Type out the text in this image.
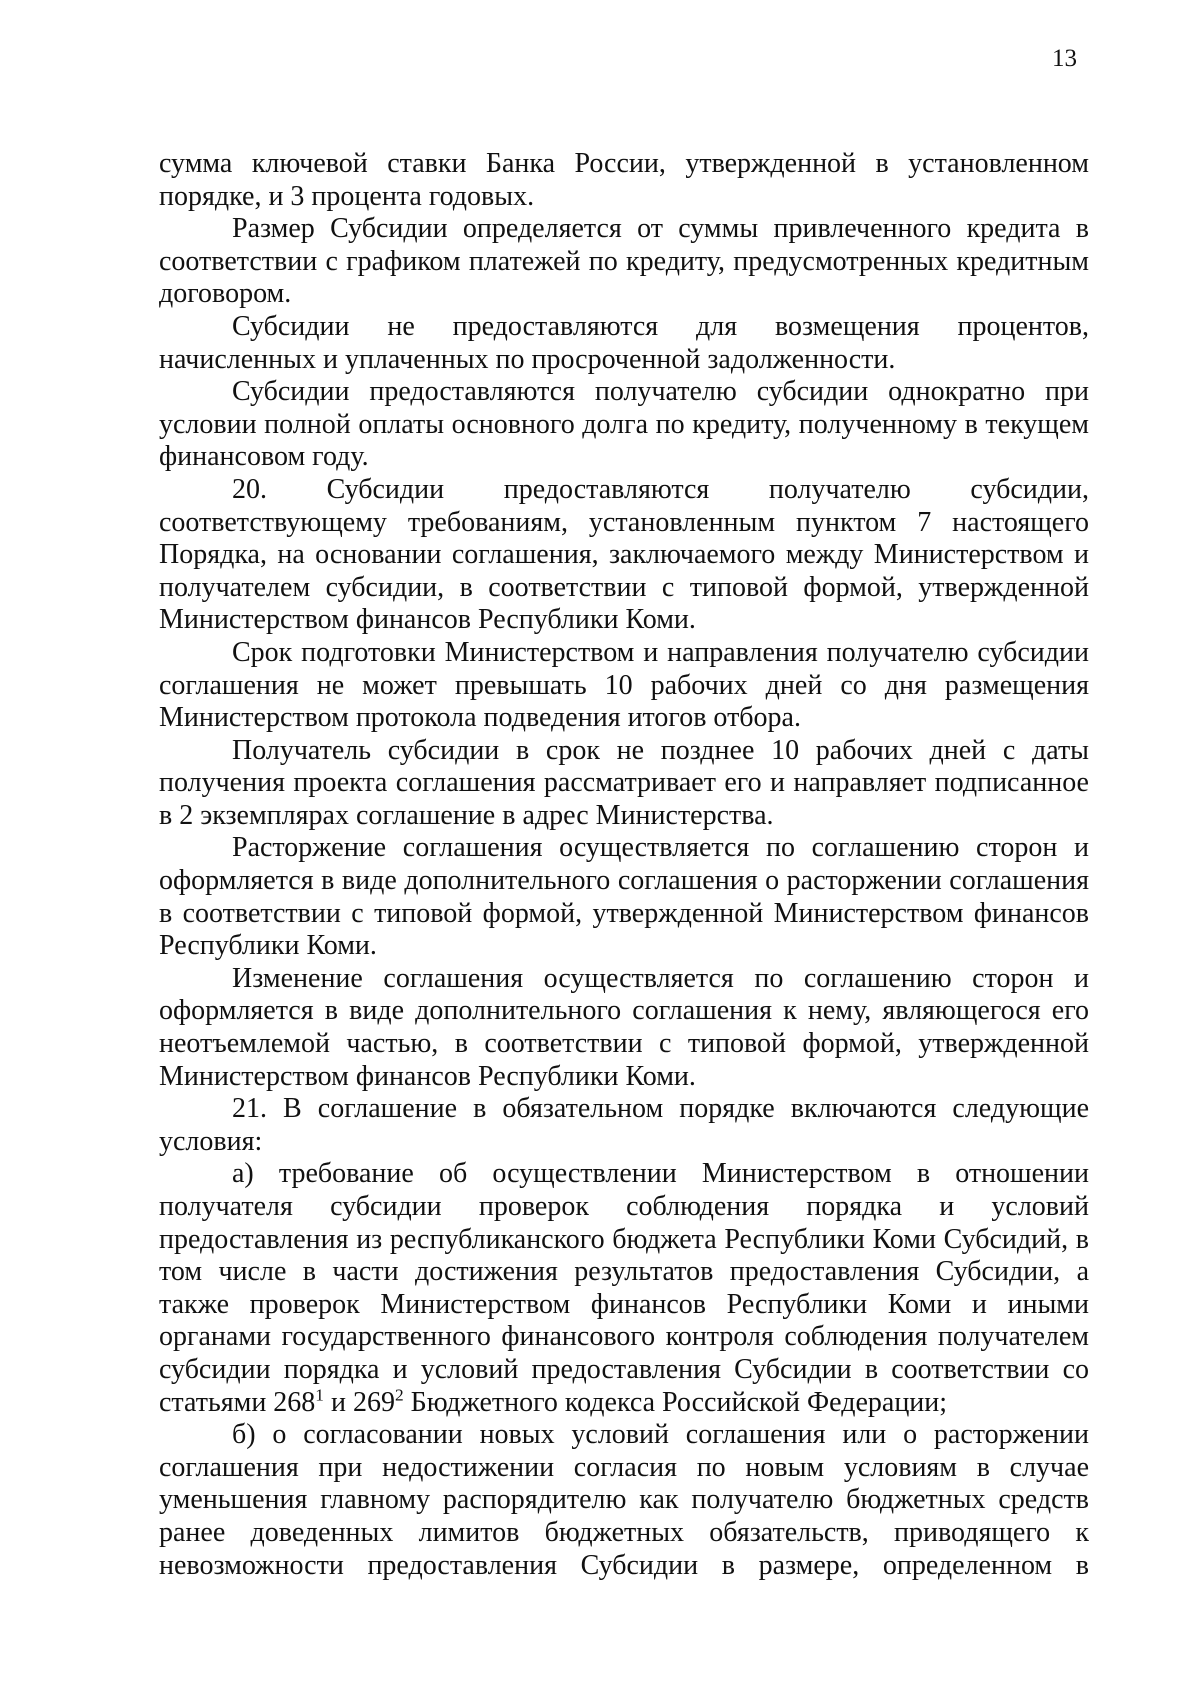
13

сумма ключевой ставки Банка России, утвержденной в установленном порядке, и 3 процента годовых.

Размер Субсидии определяется от суммы привлеченного кредита в соответствии с графиком платежей по кредиту, предусмотренных кредитным договором.

Субсидии не предоставляются для возмещения процентов, начисленных и уплаченных по просроченной задолженности.

Субсидии предоставляются получателю субсидии однократно при условии полной оплаты основного долга по кредиту, полученному в текущем финансовом году.

20. Субсидии предоставляются получателю субсидии, соответствующему требованиям, установленным пунктом 7 настоящего Порядка, на основании соглашения, заключаемого между Министерством и получателем субсидии, в соответствии с типовой формой, утвержденной Министерством финансов Республики Коми.

Срок подготовки Министерством и направления получателю субсидии соглашения не может превышать 10 рабочих дней со дня размещения Министерством протокола подведения итогов отбора.

Получатель субсидии в срок не позднее 10 рабочих дней с даты получения проекта соглашения рассматривает его и направляет подписанное в 2 экземплярах соглашение в адрес Министерства.

Расторжение соглашения осуществляется по соглашению сторон и оформляется в виде дополнительного соглашения о расторжении соглашения в соответствии с типовой формой, утвержденной Министерством финансов Республики Коми.

Изменение соглашения осуществляется по соглашению сторон и оформляется в виде дополнительного соглашения к нему, являющегося его неотъемлемой частью, в соответствии с типовой формой, утвержденной Министерством финансов Республики Коми.

21. В соглашение в обязательном порядке включаются следующие условия:

а) требование об осуществлении Министерством в отношении получателя субсидии проверок соблюдения порядка и условий предоставления из республиканского бюджета Республики Коми Субсидий, в том числе в части достижения результатов предоставления Субсидии, а также проверок Министерством финансов Республики Коми и иными органами государственного финансового контроля соблюдения получателем субсидии порядка и условий предоставления Субсидии в соответствии со статьями $268^1$ и $269^2$ Бюджетного кодекса Российской Федерации;

б) о согласовании новых условий соглашения или о расторжении соглашения при недостижении согласия по новым условиям в случае уменьшения главному распорядителю как получателю бюджетных средств ранее доведенных лимитов бюджетных обязательств, приводящего к невозможности предоставления Субсидии в размере, определенном в
